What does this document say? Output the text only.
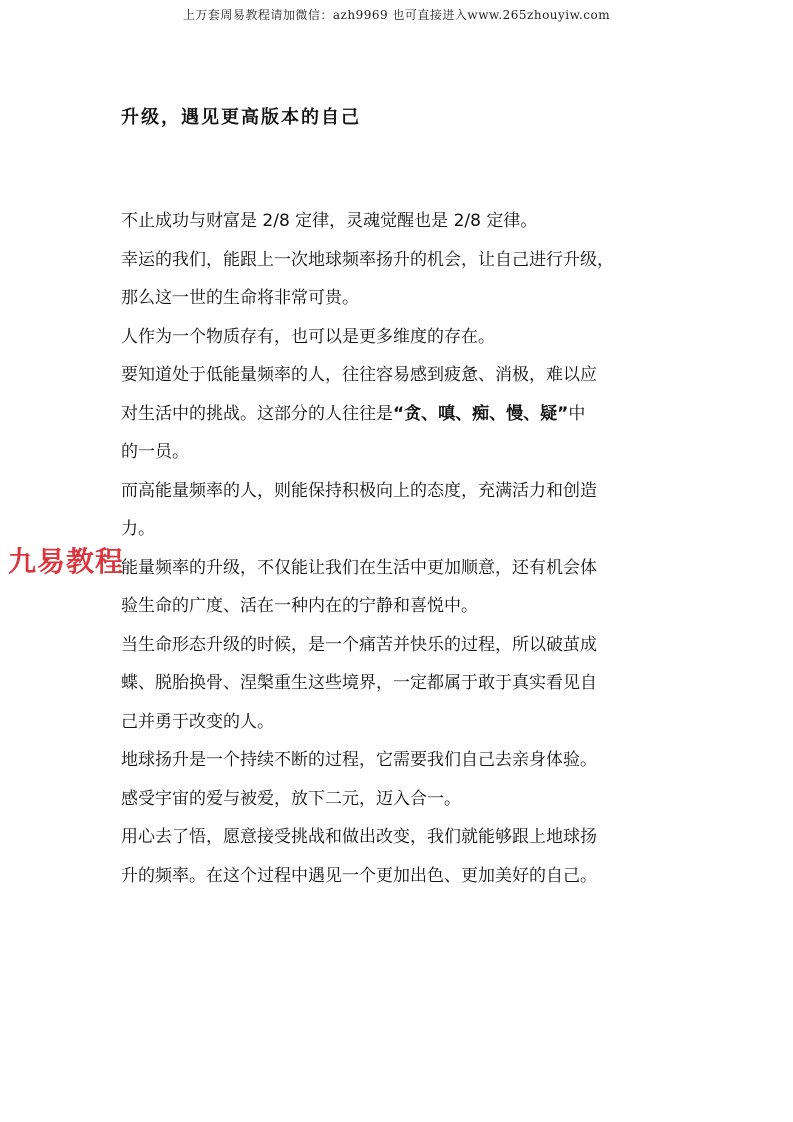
上万套周易教程请加微信：azh9969 也可直接进入www.265zhouyiw.com
升级，遇见更高版本的自己

不止成功与财富是 2/8 定律，灵魂觉醒也是 2/8 定律。

幸运的我们，能跟上一次地球频率扬升的机会，让自己进行升级，

那么这一世的生命将非常可贵。

人作为一个物质存有，也可以是更多维度的存在。

要知道处于低能量频率的人，往往容易感到疲惫、消极，难以应

对生活中的挑战。这部分的人往往是“贪、嗔、痴、慢、疑”中

的一员。

而高能量频率的人，则能保持积极向上的态度，充满活力和创造

力。

能量频率的升级，不仅能让我们在生活中更加顺意，还有机会体

验生命的广度、活在一种内在的宁静和喜悦中。

当生命形态升级的时候，是一个痛苦并快乐的过程，所以破茧成

蝶、脱胎换骨、涅槃重生这些境界，一定都属于敢于真实看见自

己并勇于改变的人。

地球扬升是一个持续不断的过程，它需要我们自己去亲身体验。

感受宇宙的爱与被爱，放下二元，迈入合一。

用心去了悟，愿意接受挑战和做出改变，我们就能够跟上地球扬

升的频率。在这个过程中遇见一个更加出色、更加美好的自己。

九易教程
